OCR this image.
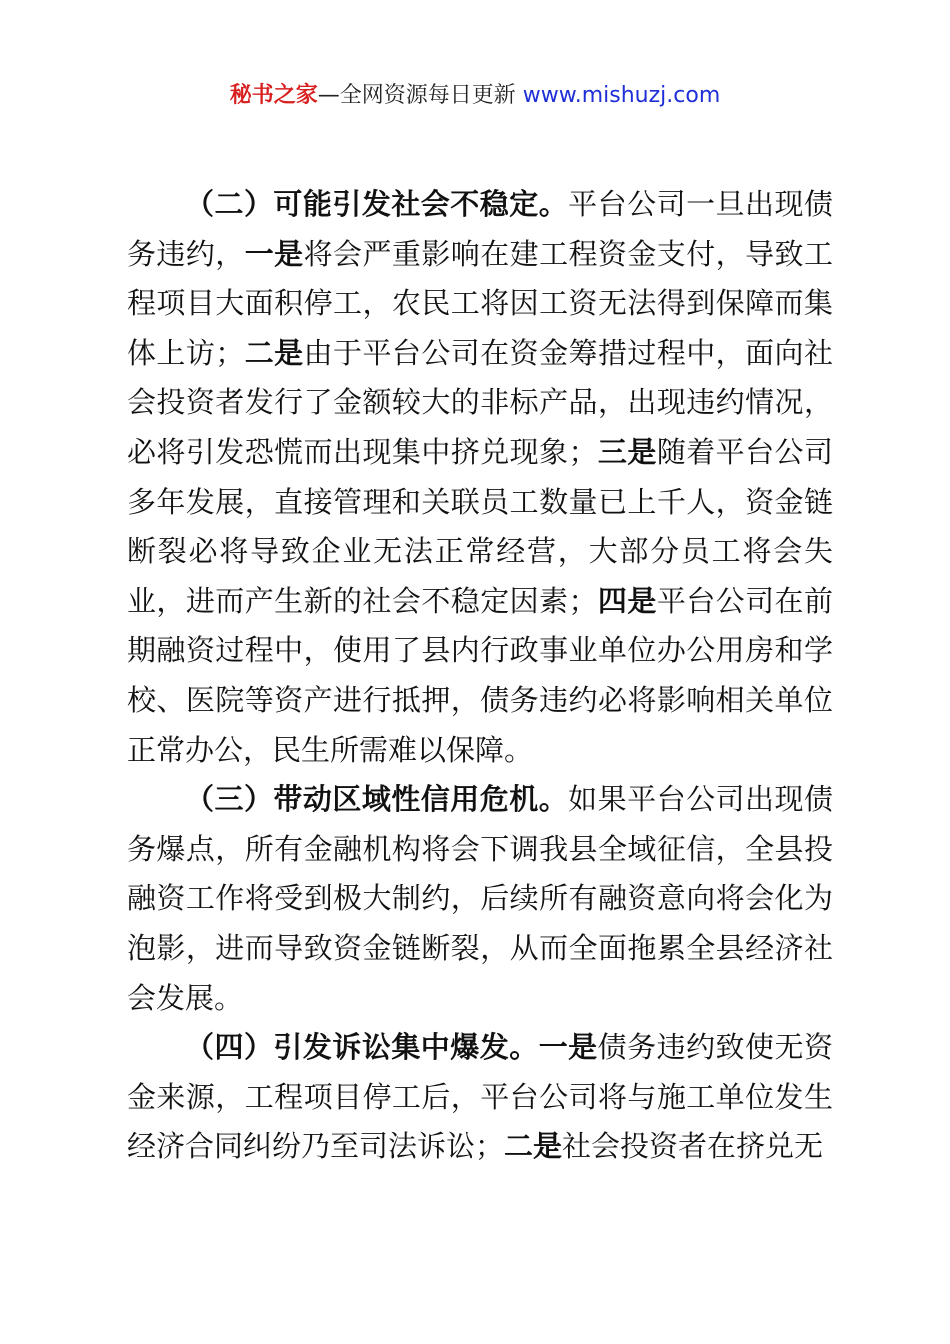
秘书之家—全网资源每日更新 www.mishuzj.com

（二）可能引发社会不稳定。平台公司一旦出现债务违约，一是将会严重影响在建工程资金支付，导致工程项目大面积停工，农民工将因工资无法得到保障而集体上访；二是由于平台公司在资金筹措过程中，面向社会投资者发行了金额较大的非标产品，出现违约情况，必将引发恐慌而出现集中挤兑现象；三是随着平台公司多年发展，直接管理和关联员工数量已上千人，资金链断裂必将导致企业无法正常经营，大部分员工将会失业，进而产生新的社会不稳定因素；四是平台公司在前期融资过程中，使用了县内行政事业单位办公用房和学校、医院等资产进行抵押，债务违约必将影响相关单位正常办公，民生所需难以保障。

（三）带动区域性信用危机。如果平台公司出现债务爆点，所有金融机构将会下调我县全域征信，全县投融资工作将受到极大制约，后续所有融资意向将会化为泡影，进而导致资金链断裂，从而全面拖累全县经济社会发展。

（四）引发诉讼集中爆发。一是债务违约致使无资金来源，工程项目停工后，平台公司将与施工单位发生经济合同纠纷乃至司法诉讼；二是社会投资者在挤兑无
